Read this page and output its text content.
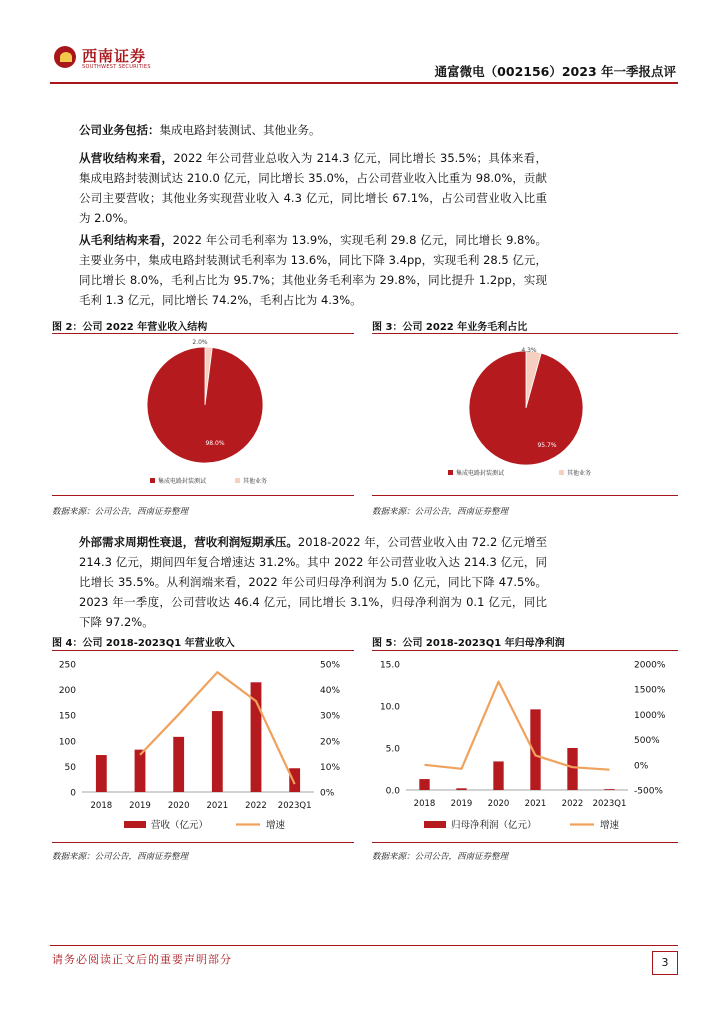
西南证券
SOUTHWEST SECURITIES	通富微电（002156）2023 年一季报点评
公司业务包括：集成电路封装测试、其他业务。
从营收结构来看，2022 年公司营业总收入为 214.3 亿元，同比增长 35.5%；具体来看，集成电路封装测试达 210.0 亿元，同比增长 35.0%，占公司营业收入比重为 98.0%，贡献公司主要营收；其他业务实现营业收入 4.3 亿元，同比增长 67.1%，占公司营业收入比重为 2.0%。
从毛利结构来看，2022 年公司毛利率为 13.9%，实现毛利 29.8 亿元，同比增长 9.8%。主要业务中，集成电路封装测试毛利率为 13.6%，同比下降 3.4pp，实现毛利 28.5 亿元，同比增长 8.0%，毛利占比为 95.7%；其他业务毛利率为 29.8%，同比提升 1.2pp，实现毛利 1.3 亿元，同比增长 74.2%，毛利占比为 4.3%。
图 2：公司 2022 年营业收入结构	图 3：公司 2022 年业务毛利占比
98.0%
2.0%
集成电路封装测试	其他业务
95.7%
4.3%
集成电路封装测试	其他业务
数据来源：公司公告，西南证券整理	数据来源：公司公告，西南证券整理
外部需求周期性衰退，营收利润短期承压。2018-2022 年，公司营业收入由 72.2 亿元增至 214.3 亿元，期间四年复合增速达 31.2%。其中 2022 年公司营业收入达 214.3 亿元，同比增长 35.5%。从利润端来看，2022 年公司归母净利润为 5.0 亿元，同比下降 47.5%。2023 年一季度，公司营收达 46.4 亿元，同比增长 3.1%，归母净利润为 0.1 亿元，同比下降 97.2%。
图 4：公司 2018-2023Q1 年营业收入	图 5：公司 2018-2023Q1 年归母净利润
0
50
100
150
200
250
0%
10%
20%
30%
40%
50%
2018 2019 2020 2021 2022 2023Q1
营收（亿元）	增速
0.0
5.0
10.0
15.0
-500%
0%
500%
1000%
1500%
2000%
2018 2019 2020 2021 2022 2023Q1
归母净利润（亿元）	增速
数据来源：公司公告，西南证券整理	数据来源：公司公告，西南证券整理
请务必阅读正文后的重要声明部分	3
